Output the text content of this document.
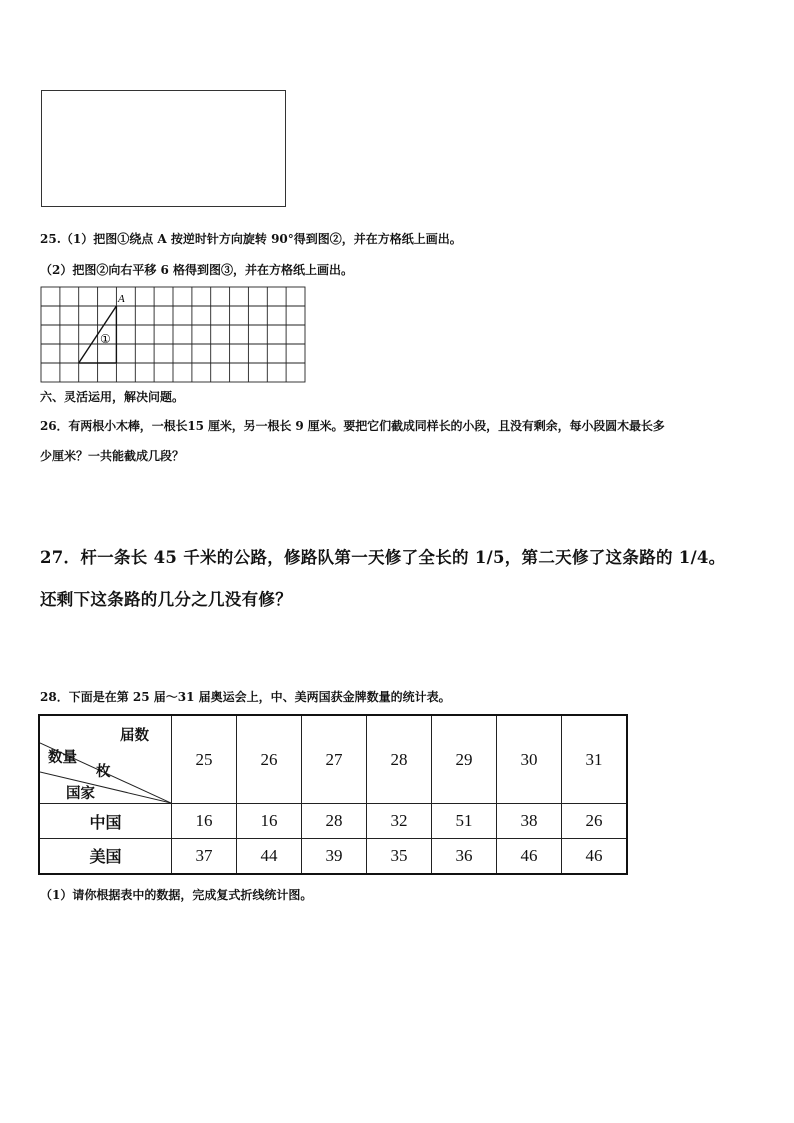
25.（1）把图①绕点 A 按逆时针方向旋转 90°得到图②，并在方格纸上画出。
（2）把图②向右平移 6 格得到图③，并在方格纸上画出。
A
①
六、灵活运用，解决问题。
26．有两根小木棒，一根长15 厘米，另一根长 9 厘米。要把它们截成同样长的小段，且没有剩余，每小段圆木最长多
少厘米？一共能截成几段？
27．杆一条长 45 千米的公路，修路队第一天修了全长的 1/5，第二天修了这条路的 1/4。
还剩下这条路的几分之几没有修？
28．下面是在第 25 届～31 届奥运会上，中、美两国获金牌数量的统计表。
届数
数量
枚
国家	25	26	27	28	29	30	31
中国	16	16	28	32	51	38	26
美国	37	44	39	35	36	46	46
（1）请你根据表中的数据，完成复式折线统计图。
